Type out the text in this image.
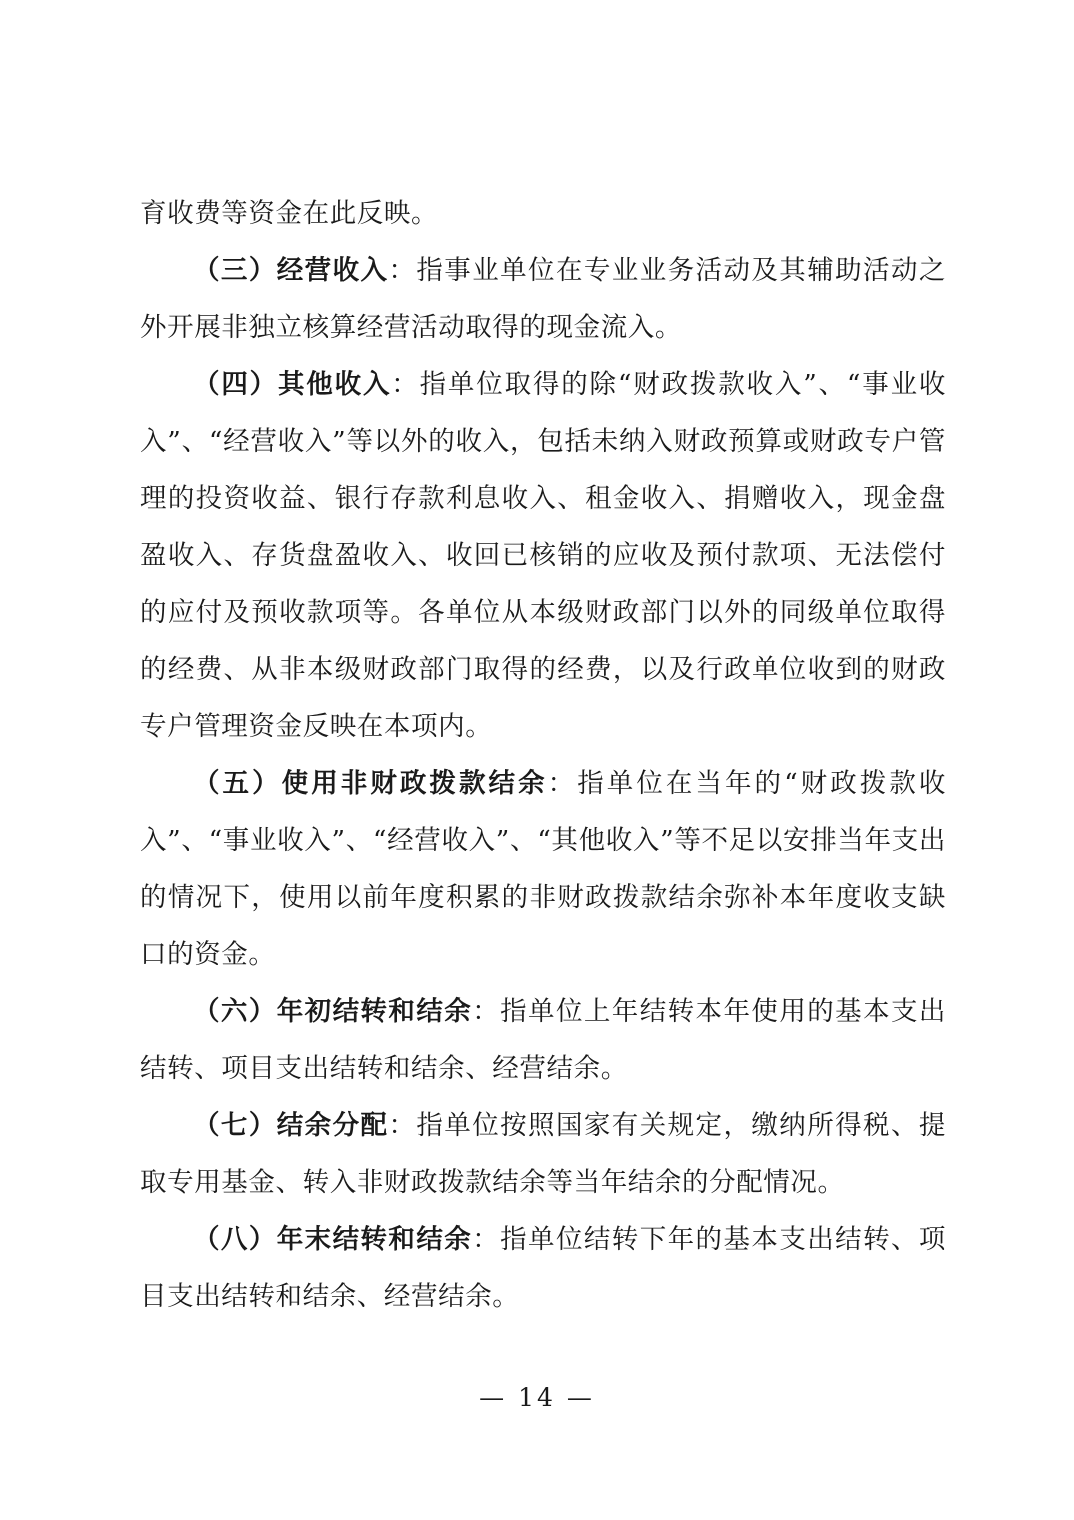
育收费等资金在此反映。

（三）经营收入：指事业单位在专业业务活动及其辅助活动之外开展非独立核算经营活动取得的现金流入。

（四）其他收入：指单位取得的除“财政拨款收入”、“事业收入”、“经营收入”等以外的收入，包括未纳入财政预算或财政专户管理的投资收益、银行存款利息收入、租金收入、捐赠收入，现金盘盈收入、存货盘盈收入、收回已核销的应收及预付款项、无法偿付的应付及预收款项等。各单位从本级财政部门以外的同级单位取得的经费、从非本级财政部门取得的经费，以及行政单位收到的财政专户管理资金反映在本项内。

（五）使用非财政拨款结余：指单位在当年的“财政拨款收入”、“事业收入”、“经营收入”、“其他收入”等不足以安排当年支出的情况下，使用以前年度积累的非财政拨款结余弥补本年度收支缺口的资金。

（六）年初结转和结余：指单位上年结转本年使用的基本支出结转、项目支出结转和结余、经营结余。

（七）结余分配：指单位按照国家有关规定，缴纳所得税、提取专用基金、转入非财政拨款结余等当年结余的分配情况。

（八）年末结转和结余：指单位结转下年的基本支出结转、项目支出结转和结余、经营结余。

— 14 —
